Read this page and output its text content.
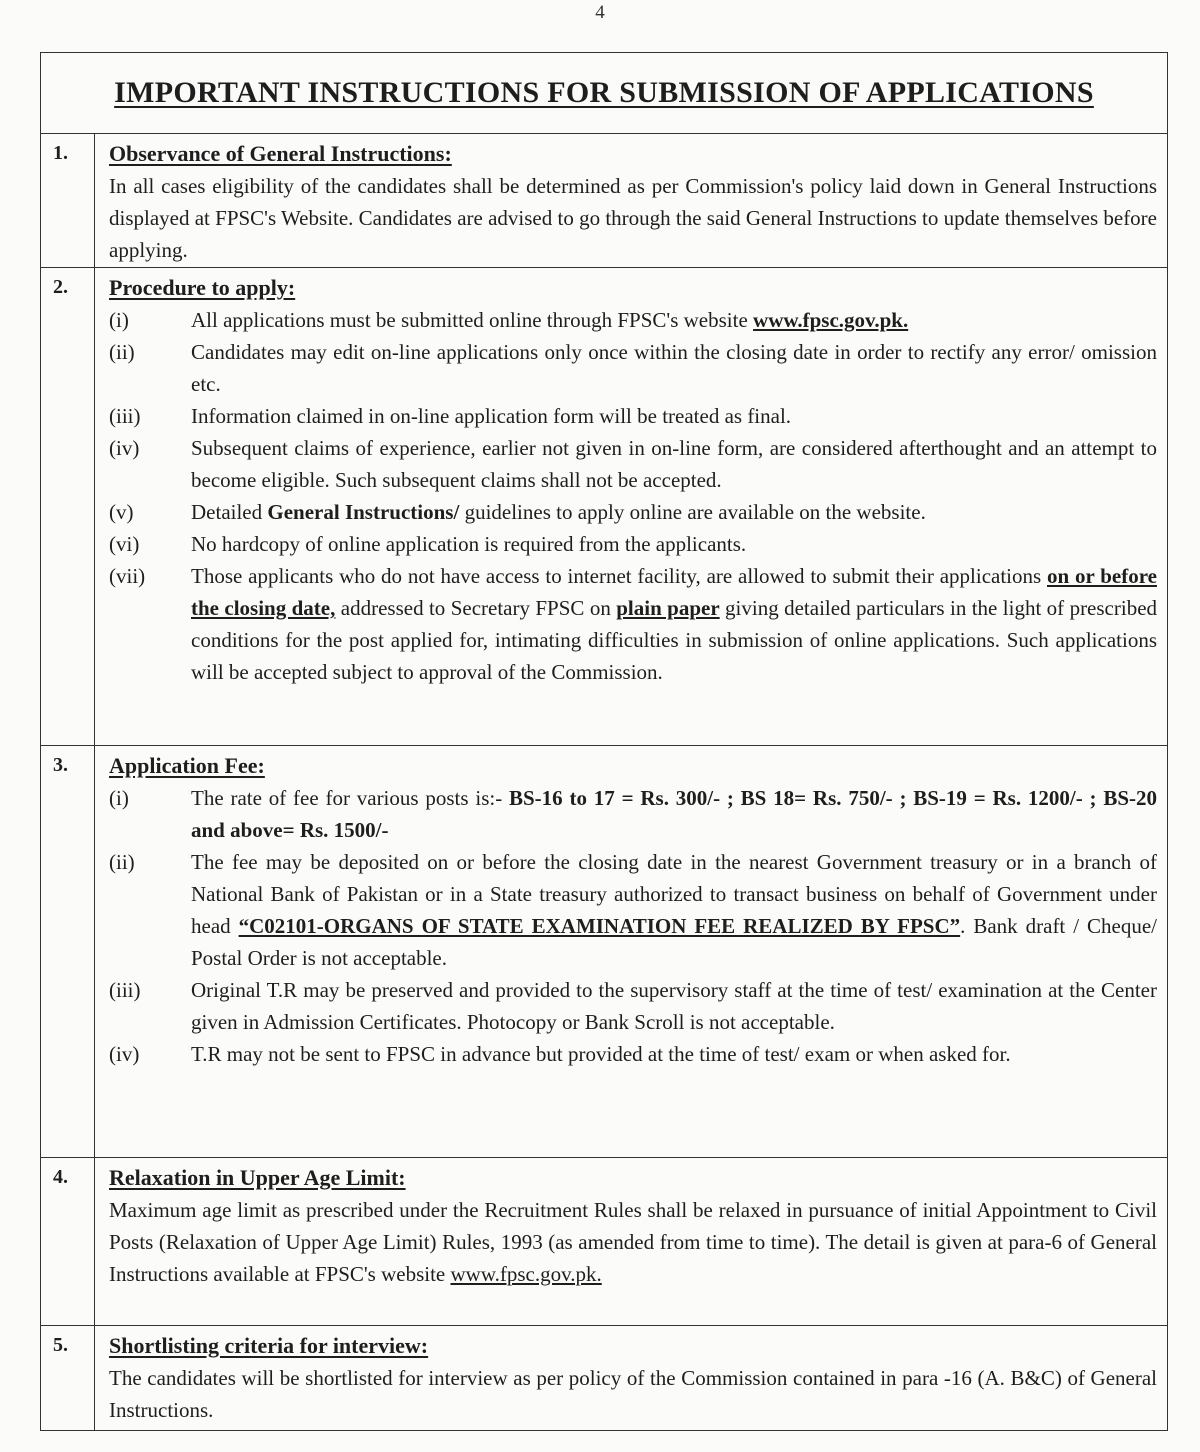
4
IMPORTANT INSTRUCTIONS FOR SUBMISSION OF APPLICATIONS
1.	Observance of General Instructions:

In all cases eligibility of the candidates shall be determined as per Commission's policy laid down in General Instructions displayed at FPSC's Website. Candidates are advised to go through the said General Instructions to update themselves before applying.

2.	Procedure to apply:
(i)	All applications must be submitted online through FPSC's website www.fpsc.gov.pk.
(ii)	Candidates may edit on-line applications only once within the closing date in order to rectify any error/ omission etc.
(iii)	Information claimed in on-line application form will be treated as final.
(iv)	Subsequent claims of experience, earlier not given in on-line form, are considered afterthought and an attempt to become eligible. Such subsequent claims shall not be accepted.
(v)	Detailed General Instructions/ guidelines to apply online are available on the website.
(vi)	No hardcopy of online application is required from the applicants.
(vii)	Those applicants who do not have access to internet facility, are allowed to submit their applications on or before the closing date, addressed to Secretary FPSC on plain paper giving detailed particulars in the light of prescribed conditions for the post applied for, intimating difficulties in submission of online applications. Such applications will be accepted subject to approval of the Commission.
3.	Application Fee:
(i)	The rate of fee for various posts is:- BS-16 to 17 = Rs. 300/- ; BS 18= Rs. 750/- ; BS-19 = Rs. 1200/- ; BS-20 and above= Rs. 1500/-
(ii)	The fee may be deposited on or before the closing date in the nearest Government treasury or in a branch of National Bank of Pakistan or in a State treasury authorized to transact business on behalf of Government under head “C02101-ORGANS OF STATE EXAMINATION FEE REALIZED BY FPSC”. Bank draft / Cheque/ Postal Order is not acceptable.
(iii)	Original T.R may be preserved and provided to the supervisory staff at the time of test/ examination at the Center given in Admission Certificates. Photocopy or Bank Scroll is not acceptable.
(iv)	T.R may not be sent to FPSC in advance but provided at the time of test/ exam or when asked for.
4.	Relaxation in Upper Age Limit:

Maximum age limit as prescribed under the Recruitment Rules shall be relaxed in pursuance of initial Appointment to Civil Posts (Relaxation of Upper Age Limit) Rules, 1993 (as amended from time to time). The detail is given at para-6 of General Instructions available at FPSC's website www.fpsc.gov.pk.

5.	Shortlisting criteria for interview:

The candidates will be shortlisted for interview as per policy of the Commission contained in para -16 (A. B&C) of General Instructions.
